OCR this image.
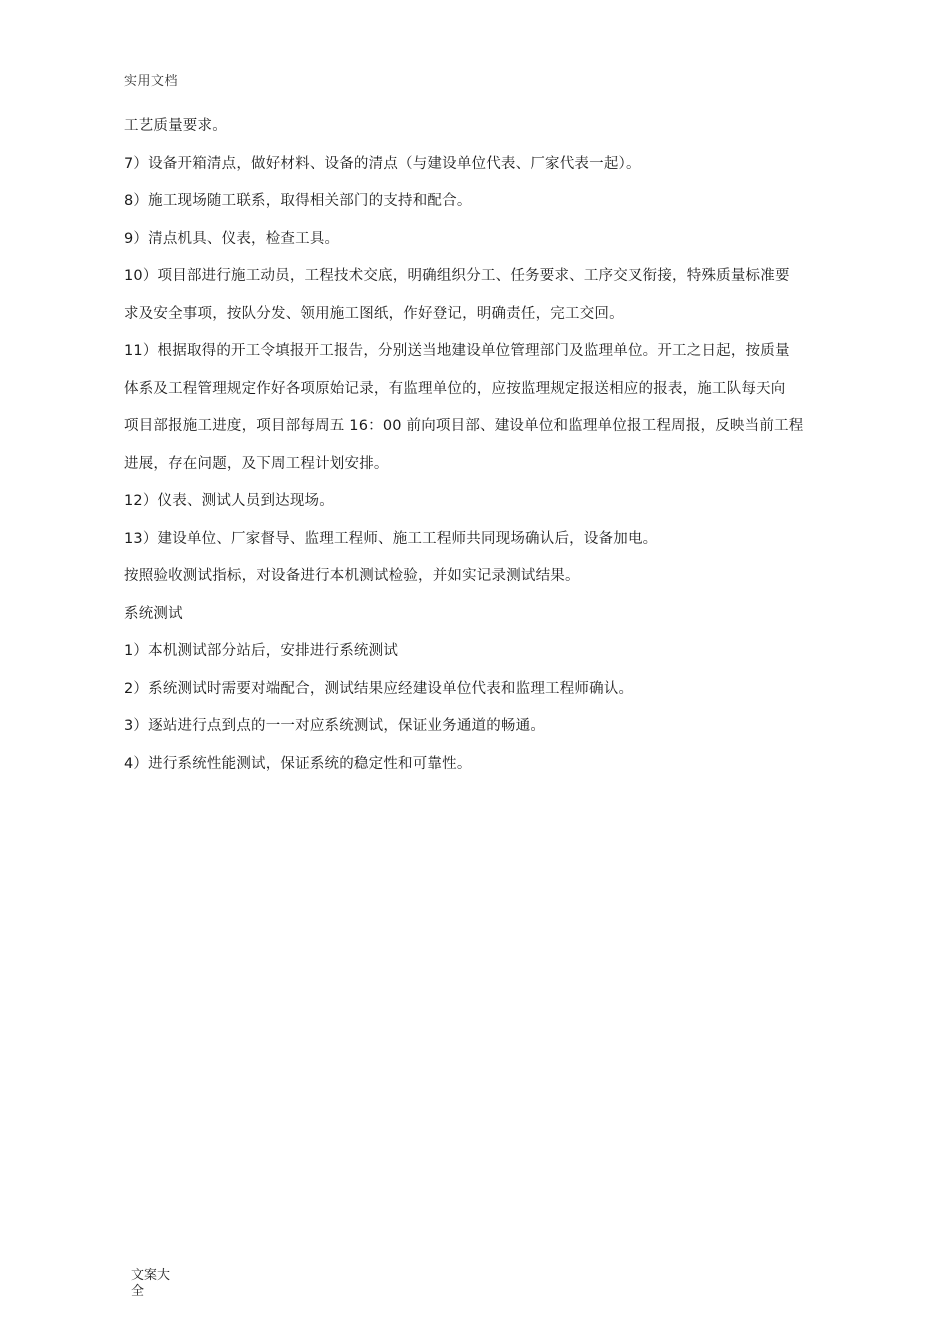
实用文档
工艺质量要求。
7）设备开箱清点，做好材料、设备的清点（与建设单位代表、厂家代表一起）。
8）施工现场随工联系，取得相关部门的支持和配合。
9）清点机具、仪表，检查工具。
10）项目部进行施工动员，工程技术交底，明确组织分工、任务要求、工序交叉衔接，特殊质量标准要
求及安全事项，按队分发、领用施工图纸，作好登记，明确责任，完工交回。
11）根据取得的开工令填报开工报告，分别送当地建设单位管理部门及监理单位。开工之日起，按质量
体系及工程管理规定作好各项原始记录，有监理单位的，应按监理规定报送相应的报表，施工队每天向
项目部报施工进度，项目部每周五 16：00 前向项目部、建设单位和监理单位报工程周报，反映当前工程
进展，存在问题，及下周工程计划安排。
12）仪表、测试人员到达现场。
13）建设单位、厂家督导、监理工程师、施工工程师共同现场确认后，设备加电。
按照验收测试指标，对设备进行本机测试检验，并如实记录测试结果。
系统测试
1）本机测试部分站后，安排进行系统测试
2）系统测试时需要对端配合，测试结果应经建设单位代表和监理工程师确认。
3）逐站进行点到点的一一对应系统测试，保证业务通道的畅通。
4）进行系统性能测试，保证系统的稳定性和可靠性。
文案大全
